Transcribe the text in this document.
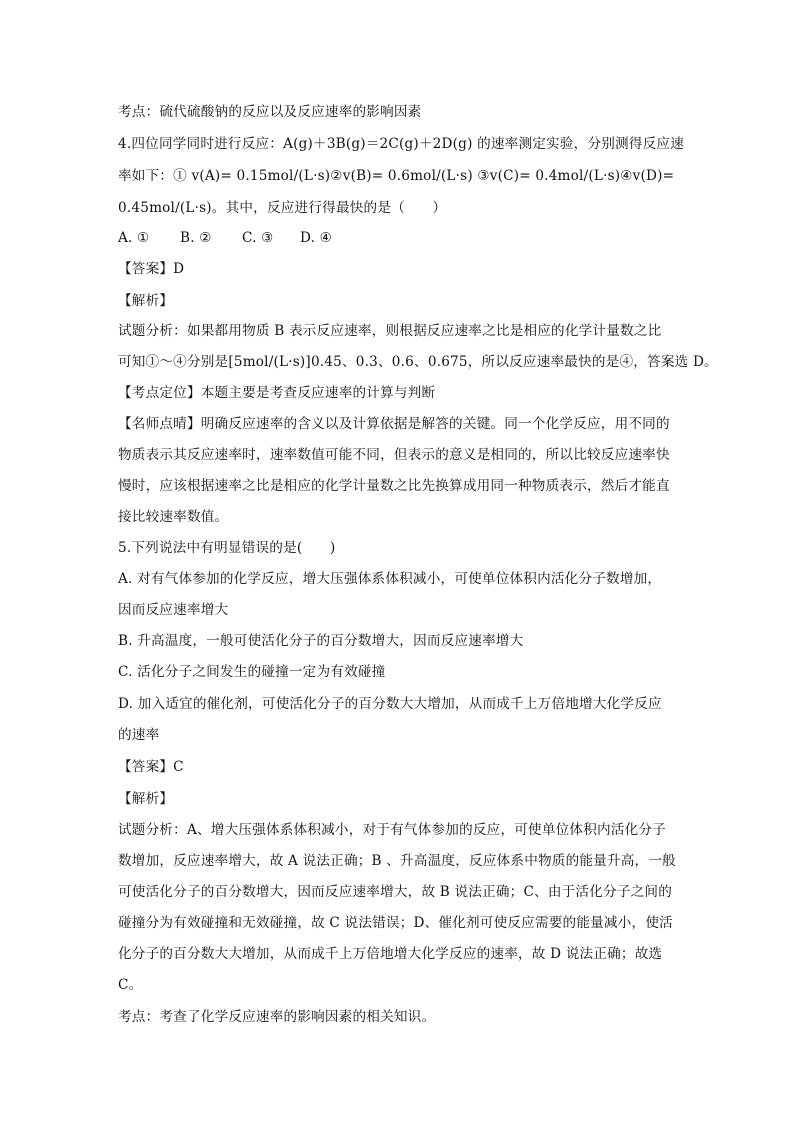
考点：硫代硫酸钠的反应以及反应速率的影响因素
4.四位同学同时进行反应：A(g)＋3B(g)＝2C(g)＋2D(g) 的速率测定实验，分别测得反应速
率如下：① v(A)= 0.15mol/(L·s)②v(B)= 0.6mol/(L·s) ③v(C)= 0.4mol/(L·s)④v(D)=
0.45mol/(L·s)。其中，反应进行得最快的是（　　）
A. ① B. ② C. ③ D. ④
【答案】D
【解析】
试题分析：如果都用物质 B 表示反应速率，则根据反应速率之比是相应的化学计量数之比
可知①～④分别是[5mol/(L·s)]0.45、0.3、0.6、0.675，所以反应速率最快的是④，答案选 D。
【考点定位】本题主要是考查反应速率的计算与判断
【名师点晴】明确反应速率的含义以及计算依据是解答的关键。同一个化学反应，用不同的
物质表示其反应速率时，速率数值可能不同，但表示的意义是相同的，所以比较反应速率快
慢时，应该根据速率之比是相应的化学计量数之比先换算成用同一种物质表示，然后才能直
接比较速率数值。
5.下列说法中有明显错误的是(　　)
A. 对有气体参加的化学反应，增大压强体系体积减小，可使单位体积内活化分子数增加，
因而反应速率增大
B. 升高温度，一般可使活化分子的百分数增大，因而反应速率增大
C. 活化分子之间发生的碰撞一定为有效碰撞
D. 加入适宜的催化剂，可使活化分子的百分数大大增加，从而成千上万倍地增大化学反应
的速率
【答案】C
【解析】
试题分析：A、增大压强体系体积减小，对于有气体参加的反应，可使单位体积内活化分子
数增加，反应速率增大，故 A 说法正确；B 、升高温度，反应体系中物质的能量升高，一般
可使活化分子的百分数增大，因而反应速率增大，故 B 说法正确；C、由于活化分子之间的
碰撞分为有效碰撞和无效碰撞，故 C 说法错误；D、催化剂可使反应需要的能量减小，使活
化分子的百分数大大增加，从而成千上万倍地增大化学反应的速率，故 D 说法正确；故选
C。
考点：考查了化学反应速率的影响因素的相关知识。
